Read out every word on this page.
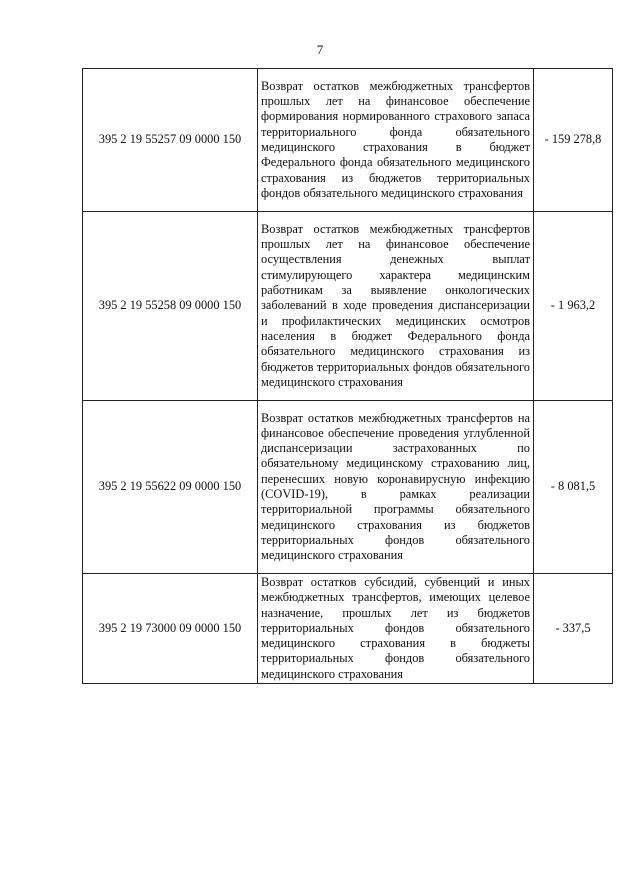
7
395 2 19 55257 09 0000 150	Возврат остатков межбюджетных трансфертов прошлых лет на финансовое обеспечение формирования нормированного страхового запаса территориального фонда обязательного медицинского страхования в бюджет Федерального фонда обязательного медицинского страхования из бюджетов территориальных фондов обязательного медицинского страхования	- 159 278,8
395 2 19 55258 09 0000 150	Возврат остатков межбюджетных трансфертов прошлых лет на финансовое обеспечение осуществления денежных выплат стимулирующего характера медицинским работникам за выявление онкологических заболеваний в ходе проведения диспансеризации и профилактических медицинских осмотров населения в бюджет Федерального фонда обязательного медицинского страхования из бюджетов территориальных фондов обязательного медицинского страхования	- 1 963,2
395 2 19 55622 09 0000 150	Возврат остатков межбюджетных трансфертов на финансовое обеспечение проведения углубленной диспансеризации застрахованных по обязательному медицинскому страхованию лиц, перенесших новую коронавирусную инфекцию (COVID-19), в рамках реализации территориальной программы обязательного медицинского страхования из бюджетов территориальных фондов обязательного медицинского страхования	- 8 081,5
395 2 19 73000 09 0000 150	Возврат остатков субсидий, субвенций и иных межбюджетных трансфертов, имеющих целевое назначение, прошлых лет из бюджетов территориальных фондов обязательного медицинского страхования в бюджеты территориальных фондов обязательного медицинского страхования	- 337,5
